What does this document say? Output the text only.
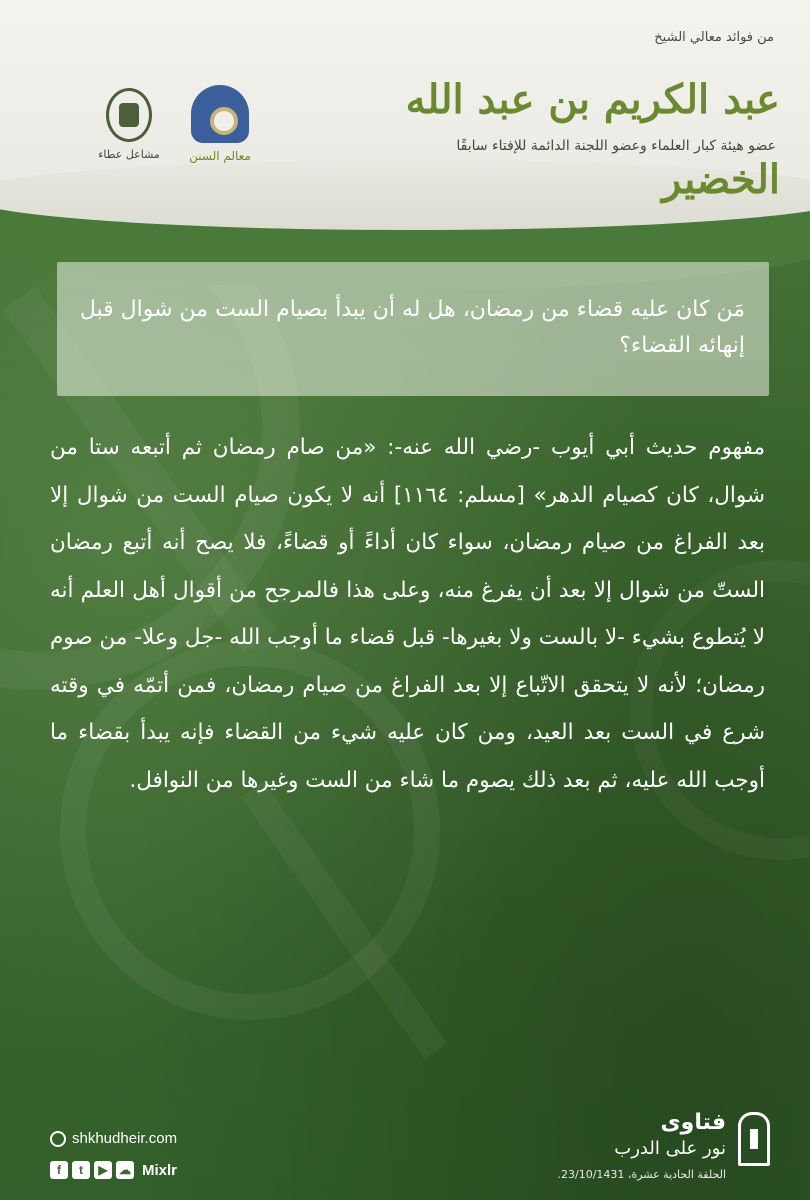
من فوائد معالي الشيخ
عبد الكريم بن عبد الله الخضير
عضو هيئة كبار العلماء وعضو اللجنة الدائمة للإفتاء سابقًا
معالم السنن
مشاعل عطاء
مَن كان عليه قضاء من رمضان، هل له أن يبدأ بصيام الست من شوال قبل إنهائه القضاء؟
مفهوم حديث أبي أيوب -رضي الله عنه-: «من صام رمضان ثم أتبعه ستا من شوال، كان كصيام الدهر» [مسلم: ١١٦٤] أنه لا يكون صيام الست من شوال إلا بعد الفراغ من صيام رمضان، سواء كان أداءً أو قضاءً، فلا يصح أنه أتبع رمضان الستّ من شوال إلا بعد أن يفرغ منه، وعلى هذا فالمرجح من أقوال أهل العلم أنه لا يُتطوع بشيء -لا بالست ولا بغيرها- قبل قضاء ما أوجب الله -جل وعلا- من صوم رمضان؛ لأنه لا يتحقق الاتّباع إلا بعد الفراغ من صيام رمضان، فمن أتمّه في وقته شرع في الست بعد العيد، ومن كان عليه شيء من القضاء فإنه يبدأ بقضاء ما أوجب الله عليه، ثم بعد ذلك يصوم ما شاء من الست وغيرها من النوافل.
shkhudheir.com
f	t	▶ ☁ Mixlr
فتاوى
نور على الدرب
الحلقة الحادية عشرة، 23/10/1431.
